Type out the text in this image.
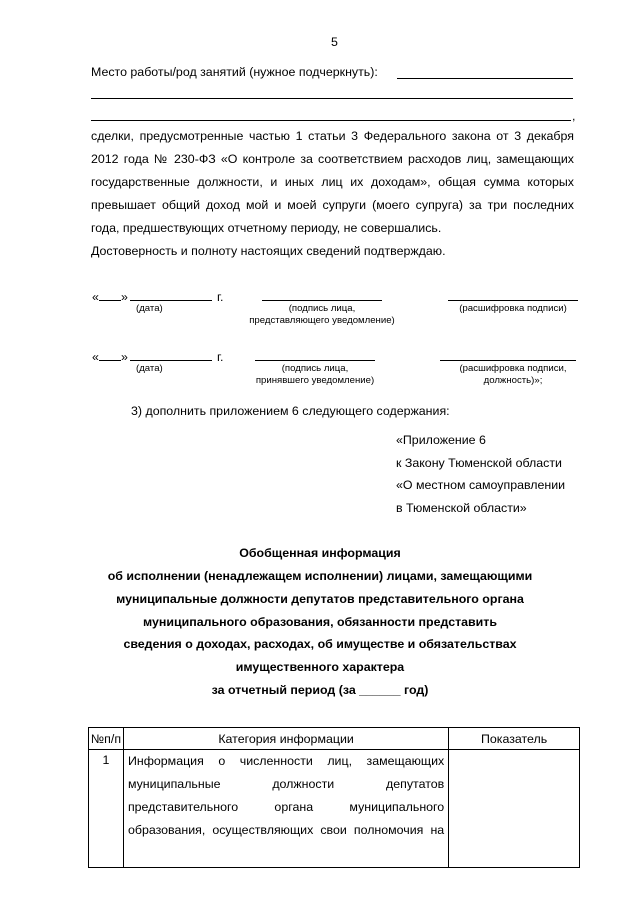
5
Место работы/род занятий (нужное подчеркнуть):
,
сделки, предусмотренные частью 1 статьи 3 Федерального закона от 3 декабря
2012 года № 230-ФЗ «О контроле за соответствием расходов лиц, замещающих
государственные должности, и иных лиц их доходам», общая сумма которых
превышает общий доход мой и моей супруги (моего супруга) за три последних
года, предшествующих отчетному периоду, не совершались.
Достоверность и полноту настоящих сведений подтверждаю.
« »	г.
(дата)	(подпись лица,
представляющего уведомление)
(расшифровка подписи)
« »	г.
(дата)	(подпись лица,
принявшего уведомление)
(расшифровка подписи,
должность)»;
3) дополнить приложением 6 следующего содержания:
«Приложение 6
к Закону Тюменской области
«О местном самоуправлении
в Тюменской области»
Обобщенная информация
об исполнении (ненадлежащем исполнении) лицами, замещающими
муниципальные должности депутатов представительного органа
муниципального образования, обязанности представить
сведения о доходах, расходах, об имуществе и обязательствах
имущественного характера
за отчетный период (за ______ год)
№п/п	Категория информации	Показатель
1	Информация о численности лиц, замещающих
муниципальные должности депутатов
представительного органа муниципального
образования, осуществляющих свои полномочия на	
